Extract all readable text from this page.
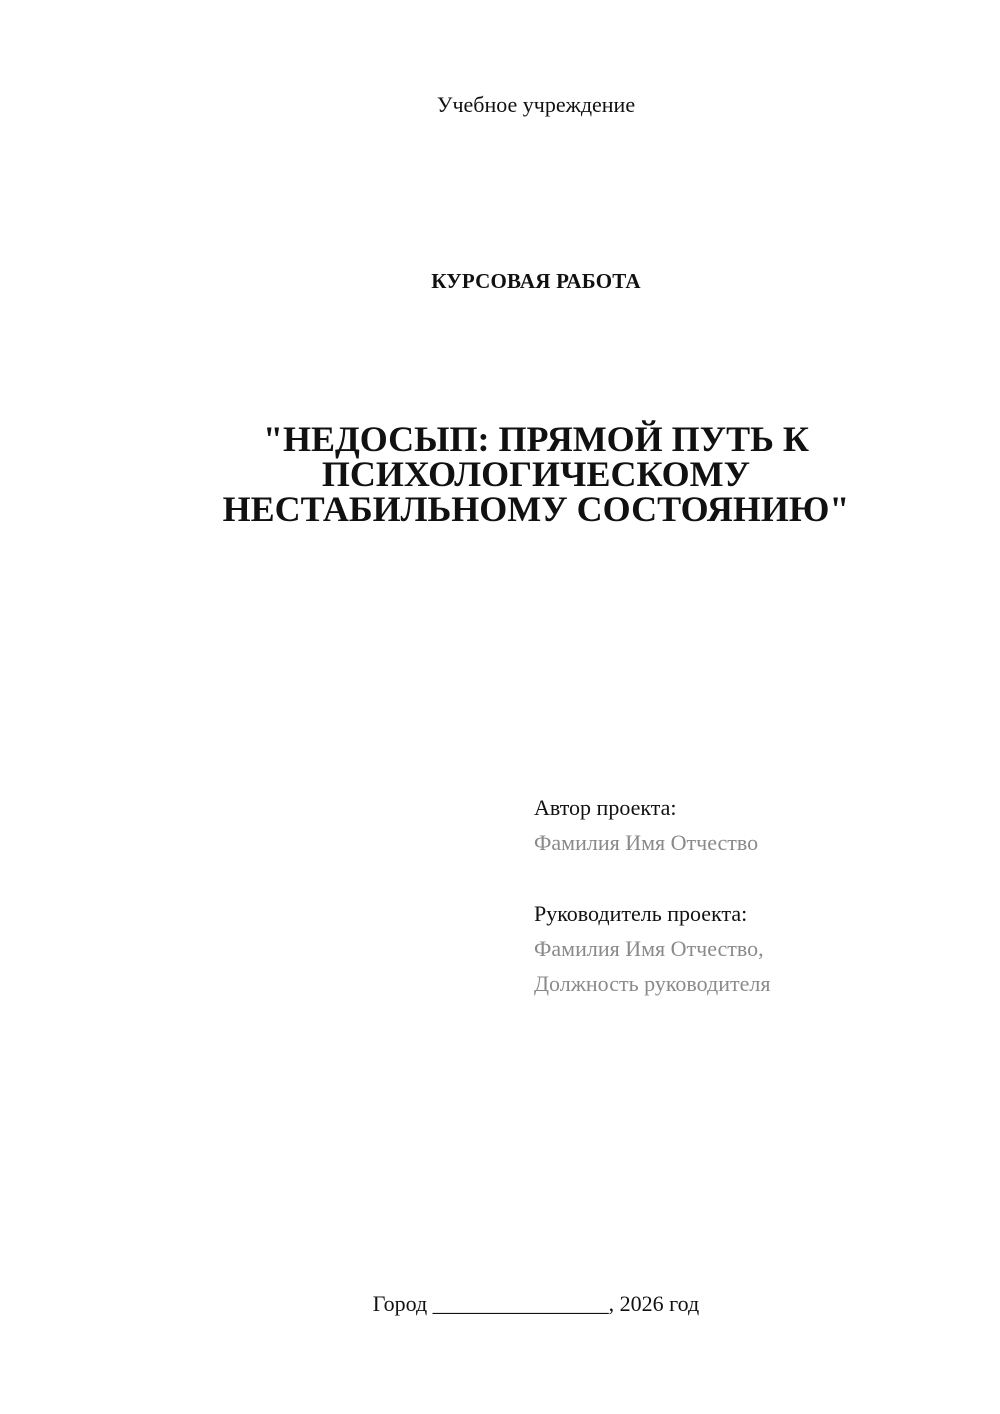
Учебное учреждение
КУРСОВАЯ РАБОТА
"НЕДОСЫП: ПРЯМОЙ ПУТЬ К
ПСИХОЛОГИЧЕСКОМУ
НЕСТАБИЛЬНОМУ СОСТОЯНИЮ"
Автор проекта:
Фамилия Имя Отчество
Руководитель проекта:
Фамилия Имя Отчество,
Должность руководителя
Город ________________, 2026 год
